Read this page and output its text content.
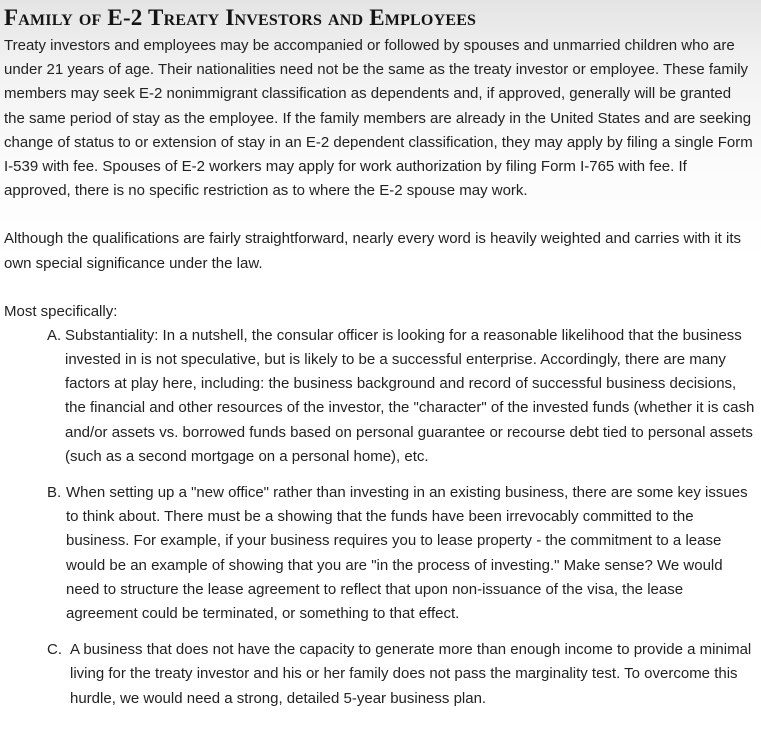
Family of E-2 Treaty Investors and Employees

Treaty investors and employees may be accompanied or followed by spouses and unmarried children who are under 21 years of age. Their nationalities need not be the same as the treaty investor or employee. These family members may seek E-2 nonimmigrant classification as dependents and, if approved, generally will be granted the same period of stay as the employee. If the family members are already in the United States and are seeking change of status to or extension of stay in an E-2 dependent classification, they may apply by filing a single Form I-539 with fee. Spouses of E-2 workers may apply for work authorization by filing Form I-765 with fee. If approved, there is no specific restriction as to where the E-2 spouse may work.

Although the qualifications are fairly straightforward, nearly every word is heavily weighted and carries with it its own special significance under the law.

Most specifically:

A. Substantiality: In a nutshell, the consular officer is looking for a reasonable likelihood that the business invested in is not speculative, but is likely to be a successful enterprise. Accordingly, there are many factors at play here, including: the business background and record of successful business decisions, the financial and other resources of the investor, the "character" of the invested funds (whether it is cash and/or assets vs. borrowed funds based on personal guarantee or recourse debt tied to personal assets (such as a second mortgage on a personal home), etc.
B. When setting up a "new office" rather than investing in an existing business, there are some key issues to think about. There must be a showing that the funds have been irrevocably committed to the business. For example, if your business requires you to lease property - the commitment to a lease would be an example of showing that you are "in the process of investing." Make sense? We would need to structure the lease agreement to reflect that upon non-issuance of the visa, the lease agreement could be terminated, or something to that effect.
C. A business that does not have the capacity to generate more than enough income to provide a minimal living for the treaty investor and his or her family does not pass the marginality test. To overcome this hurdle, we would need a strong, detailed 5-year business plan.
